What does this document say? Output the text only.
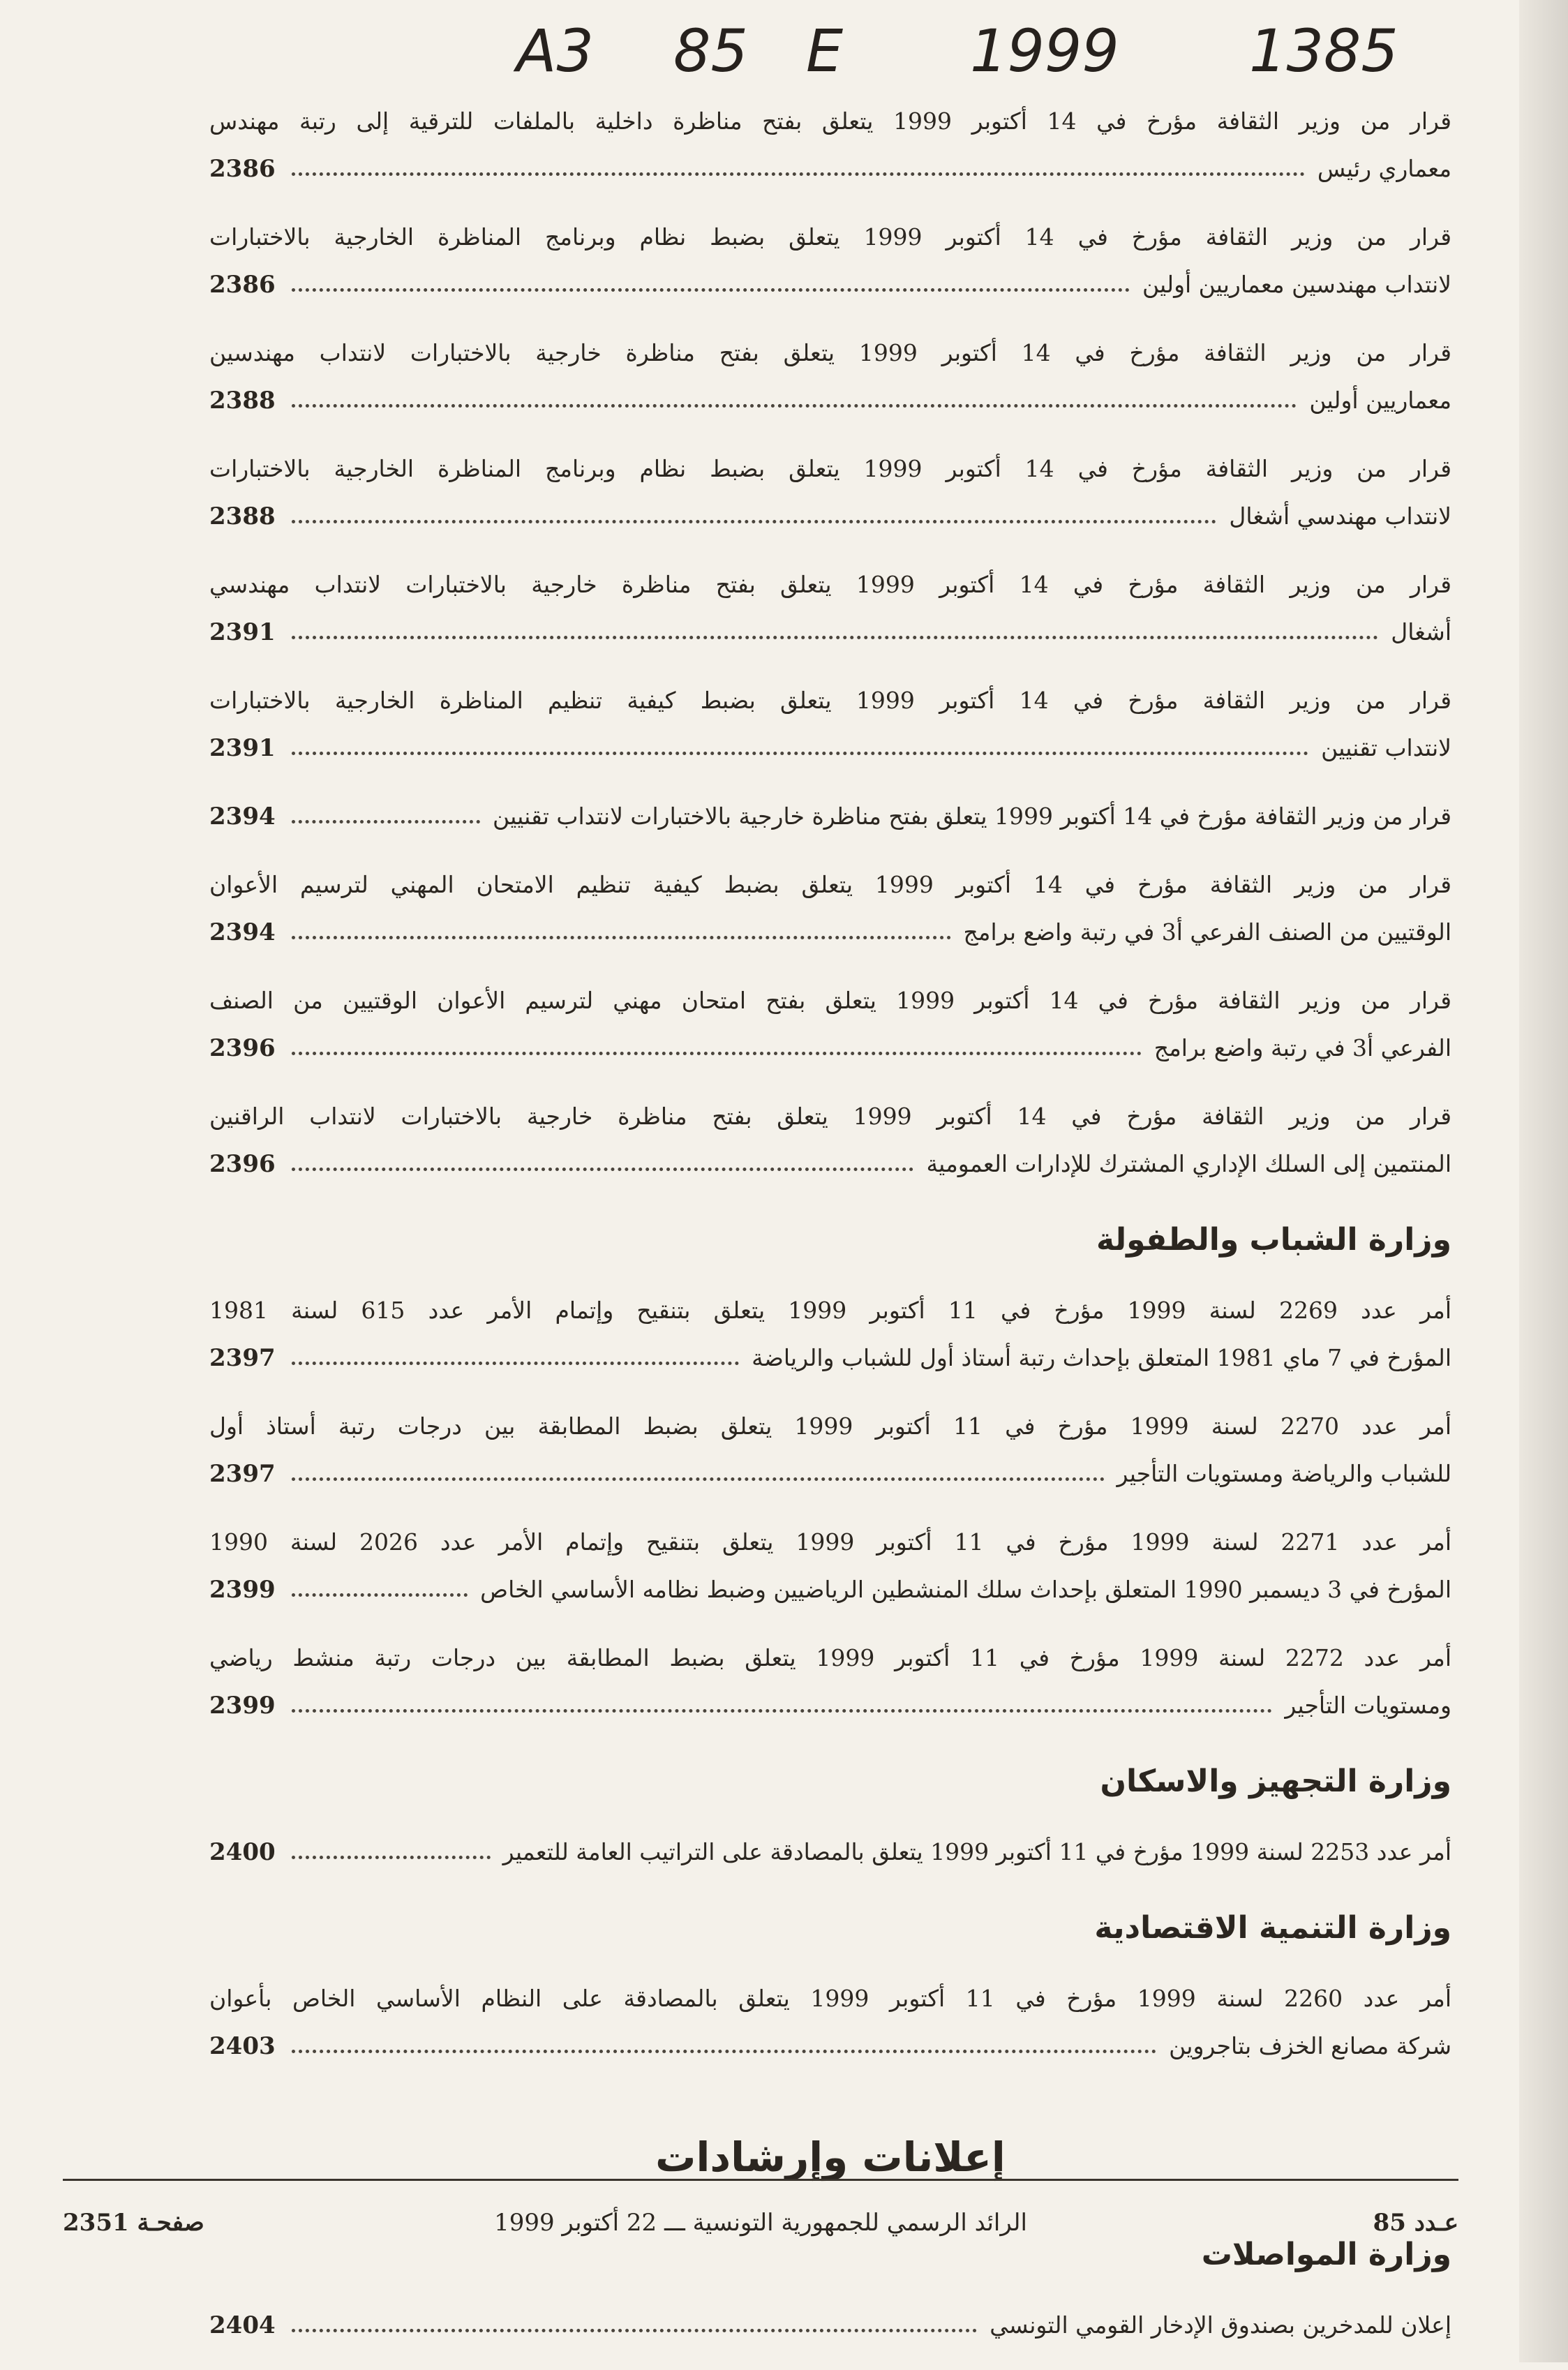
A3 85 E 1999 1385
قرار من وزير الثقافة مؤرخ في 14 أكتوبر 1999 يتعلق بفتح مناظرة داخلية بالملفات للترقية إلى رتبة مهندس
معماري رئيس
2386
قرار من وزير الثقافة مؤرخ في 14 أكتوبر 1999 يتعلق بضبط نظام وبرنامج المناظرة الخارجية بالاختبارات
لانتداب مهندسين معماريين أولين
2386
قرار من وزير الثقافة مؤرخ في 14 أكتوبر 1999 يتعلق بفتح مناظرة خارجية بالاختبارات لانتداب مهندسين
معماريين أولين
2388
قرار من وزير الثقافة مؤرخ في 14 أكتوبر 1999 يتعلق بضبط نظام وبرنامج المناظرة الخارجية بالاختبارات
لانتداب مهندسي أشغال
2388
قرار من وزير الثقافة مؤرخ في 14 أكتوبر 1999 يتعلق بفتح مناظرة خارجية بالاختبارات لانتداب مهندسي
أشغال
2391
قرار من وزير الثقافة مؤرخ في 14 أكتوبر 1999 يتعلق بضبط كيفية تنظيم المناظرة الخارجية بالاختبارات
لانتداب تقنيين
2391
قرار من وزير الثقافة مؤرخ في 14 أكتوبر 1999 يتعلق بفتح مناظرة خارجية بالاختبارات لانتداب تقنيين
2394
قرار من وزير الثقافة مؤرخ في 14 أكتوبر 1999 يتعلق بضبط كيفية تنظيم الامتحان المهني لترسيم الأعوان
الوقتيين من الصنف الفرعي أ3 في رتبة واضع برامج
2394
قرار من وزير الثقافة مؤرخ في 14 أكتوبر 1999 يتعلق بفتح امتحان مهني لترسيم الأعوان الوقتيين من الصنف
الفرعي أ3 في رتبة واضع برامج
2396
قرار من وزير الثقافة مؤرخ في 14 أكتوبر 1999 يتعلق بفتح مناظرة خارجية بالاختبارات لانتداب الراقنين
المنتمين إلى السلك الإداري المشترك للإدارات العمومية
2396
وزارة الشباب والطفولة
أمر عدد 2269 لسنة 1999 مؤرخ في 11 أكتوبر 1999 يتعلق بتنقيح وإتمام الأمر عدد 615 لسنة 1981
المؤرخ في 7 ماي 1981 المتعلق بإحداث رتبة أستاذ أول للشباب والرياضة
2397
أمر عدد 2270 لسنة 1999 مؤرخ في 11 أكتوبر 1999 يتعلق بضبط المطابقة بين درجات رتبة أستاذ أول
للشباب والرياضة ومستويات التأجير
2397
أمر عدد 2271 لسنة 1999 مؤرخ في 11 أكتوبر 1999 يتعلق بتنقيح وإتمام الأمر عدد 2026 لسنة 1990
المؤرخ في 3 ديسمبر 1990 المتعلق بإحداث سلك المنشطين الرياضيين وضبط نظامه الأساسي الخاص
2399
أمر عدد 2272 لسنة 1999 مؤرخ في 11 أكتوبر 1999 يتعلق بضبط المطابقة بين درجات رتبة منشط رياضي
ومستويات التأجير
2399
وزارة التجهيز والاسكان
أمر عدد 2253 لسنة 1999 مؤرخ في 11 أكتوبر 1999 يتعلق بالمصادقة على التراتيب العامة للتعمير
2400
وزارة التنمية الاقتصادية
أمر عدد 2260 لسنة 1999 مؤرخ في 11 أكتوبر 1999 يتعلق بالمصادقة على النظام الأساسي الخاص بأعوان
شركة مصانع الخزف بتاجروين
2403
إعلانات وإرشادات
وزارة المواصلات
إعلان للمدخرين بصندوق الإدخار القومي التونسي
2404
عـدد 85
الرائد الرسمي للجمهورية التونسية ـــ 22 أكتوبر 1999
صفحـة 2351
